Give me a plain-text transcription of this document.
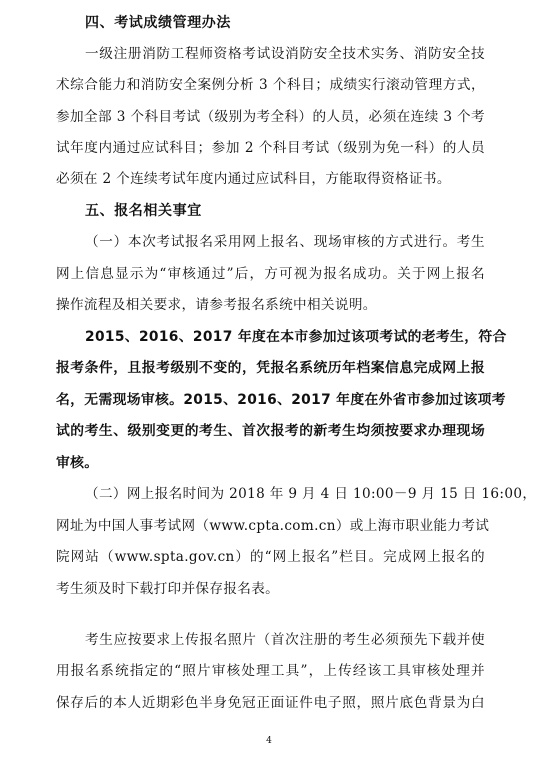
四、考试成绩管理办法
一级注册消防工程师资格考试设消防安全技术实务、消防安全技
术综合能力和消防安全案例分析 3 个科目；成绩实行滚动管理方式，
参加全部 3 个科目考试（级别为考全科）的人员，必须在连续 3 个考
试年度内通过应试科目；参加 2 个科目考试（级别为免一科）的人员
必须在 2 个连续考试年度内通过应试科目，方能取得资格证书。
五、报名相关事宜
（一）本次考试报名采用网上报名、现场审核的方式进行。考生
网上信息显示为“审核通过”后，方可视为报名成功。关于网上报名
操作流程及相关要求，请参考报名系统中相关说明。
2015、2016、2017 年度在本市参加过该项考试的老考生，符合
报考条件，且报考级别不变的，凭报名系统历年档案信息完成网上报
名，无需现场审核。2015、2016、2017 年度在外省市参加过该项考
试的考生、级别变更的考生、首次报考的新考生均须按要求办理现场
审核。
（二）网上报名时间为 2018 年 9 月 4 日 10:00－9 月 15 日 16:00，
网址为中国人事考试网（www.cpta.com.cn）或上海市职业能力考试
院网站（www.spta.gov.cn）的“网上报名”栏目。完成网上报名的
考生须及时下载打印并保存报名表。
考生应按要求上传报名照片（首次注册的考生必须预先下载并使
用报名系统指定的“照片审核处理工具”，上传经该工具审核处理并
保存后的本人近期彩色半身免冠正面证件电子照，照片底色背景为白
4
